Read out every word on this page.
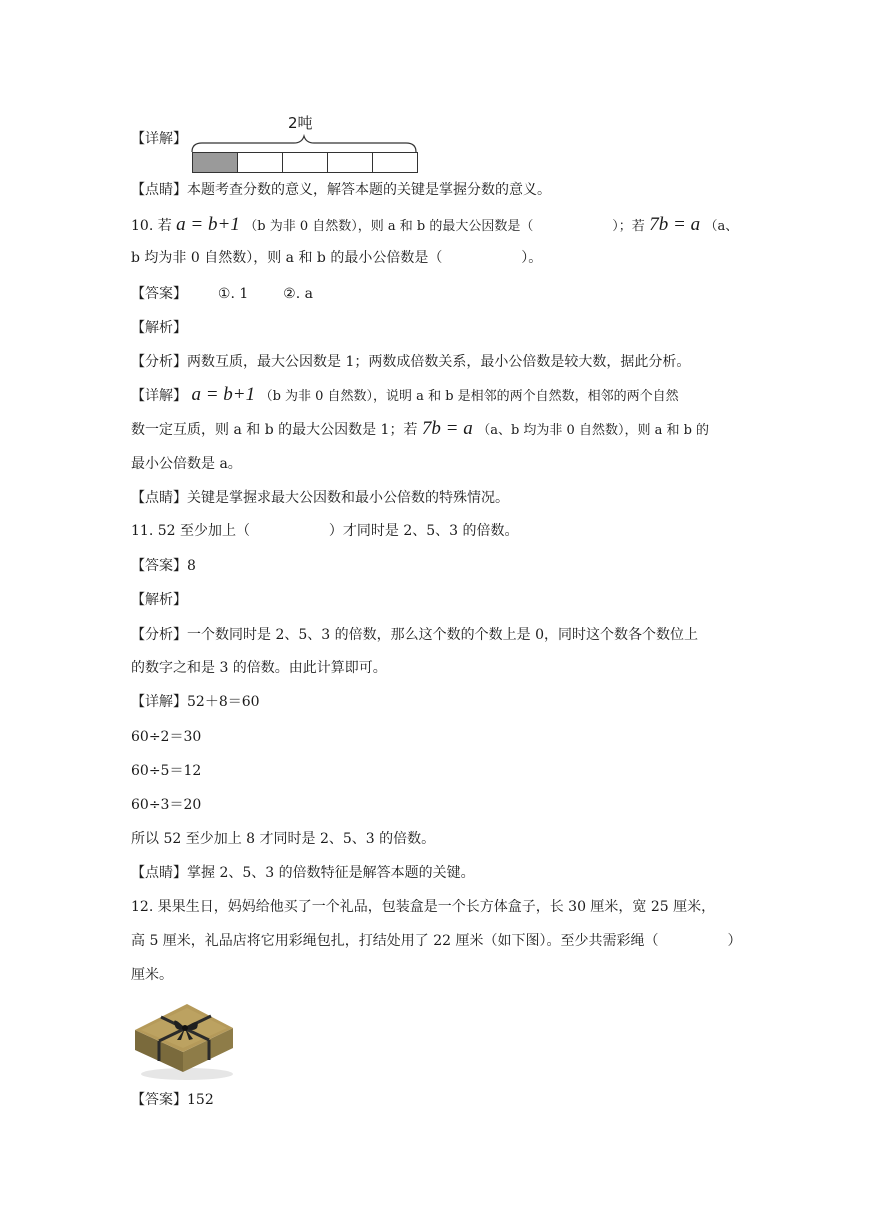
【详解】
2吨
【点睛】本题考查分数的意义，解答本题的关键是掌握分数的意义。
10. 若 a = b+1 （b 为非 0 自然数），则 a 和 b 的最大公因数是（	）；若 7b = a （a、
b 均为非 0 自然数），则 a 和 b 的最小公倍数是（	）。
【答案】 ①. 1 ②. a
【解析】
【分析】两数互质，最大公因数是 1；两数成倍数关系，最小公倍数是较大数，据此分析。
【详解】 a = b+1 （b 为非 0 自然数），说明 a 和 b 是相邻的两个自然数，相邻的两个自然
数一定互质，则 a 和 b 的最大公因数是 1；若 7b = a （a、b 均为非 0 自然数），则 a 和 b 的
最小公倍数是 a。
【点睛】关键是掌握求最大公因数和最小公倍数的特殊情况。
11. 52 至少加上（	）才同时是 2、5、3 的倍数。
【答案】8
【解析】
【分析】一个数同时是 2、5、3 的倍数，那么这个数的个数上是 0，同时这个数各个数位上
的数字之和是 3 的倍数。由此计算即可。
【详解】52＋8＝60
60÷2＝30
60÷5＝12
60÷3＝20
所以 52 至少加上 8 才同时是 2、5、3 的倍数。
【点睛】掌握 2、5、3 的倍数特征是解答本题的关键。
12. 果果生日，妈妈给他买了一个礼品，包装盒是一个长方体盒子，长 30 厘米，宽 25 厘米，
高 5 厘米，礼品店将它用彩绳包扎，打结处用了 22 厘米（如下图）。至少共需彩绳（	）
厘米。
【答案】152
